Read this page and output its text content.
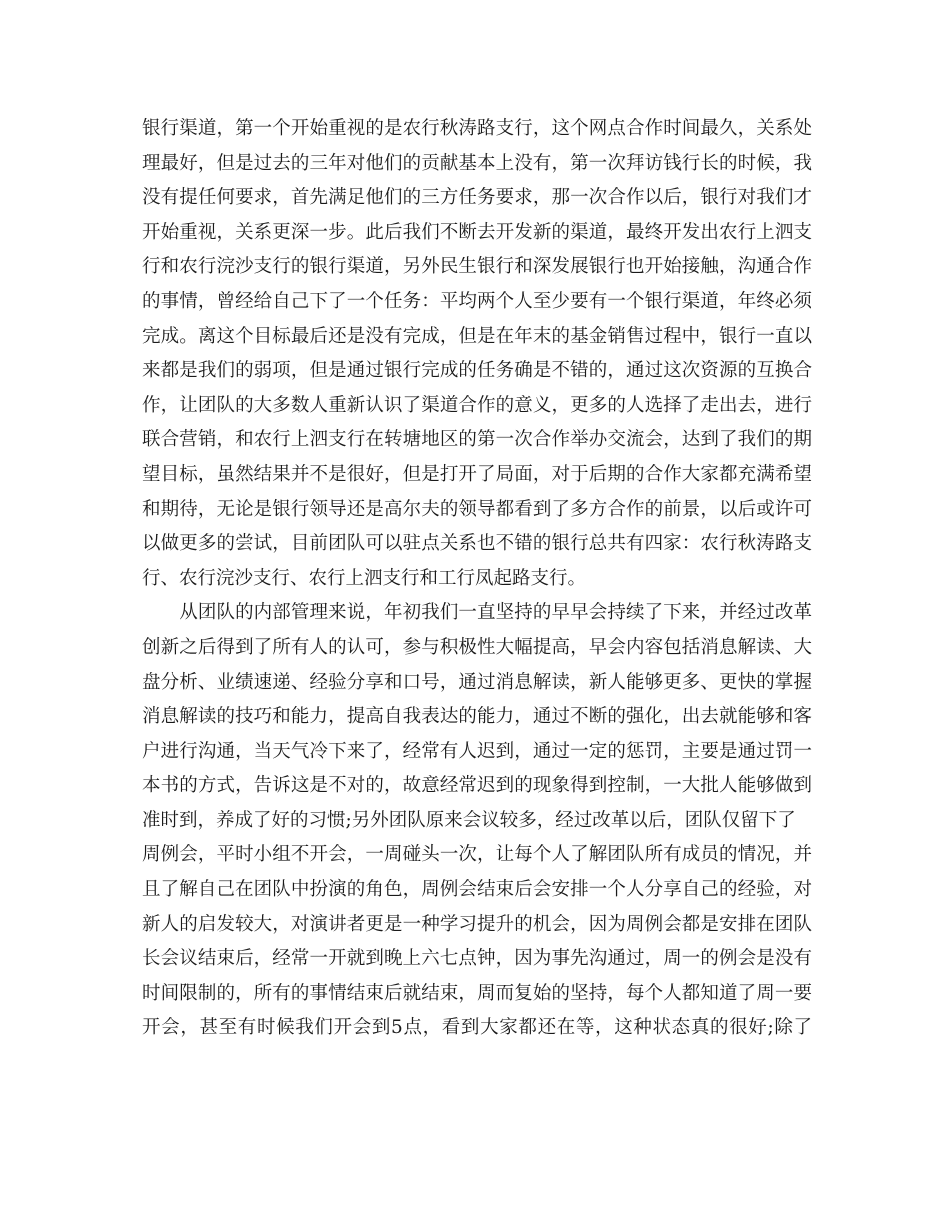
银行渠道，第一个开始重视的是农行秋涛路支行，这个网点合作时间最久，关系处
理最好，但是过去的三年对他们的贡献基本上没有，第一次拜访钱行长的时候，我
没有提任何要求，首先满足他们的三方任务要求，那一次合作以后，银行对我们才
开始重视，关系更深一步。此后我们不断去开发新的渠道，最终开发出农行上泗支
行和农行浣沙支行的银行渠道，另外民生银行和深发展银行也开始接触，沟通合作
的事情，曾经给自己下了一个任务：平均两个人至少要有一个银行渠道，年终必须
完成。离这个目标最后还是没有完成，但是在年末的基金销售过程中，银行一直以
来都是我们的弱项，但是通过银行完成的任务确是不错的，通过这次资源的互换合
作，让团队的大多数人重新认识了渠道合作的意义，更多的人选择了走出去，进行
联合营销，和农行上泗支行在转塘地区的第一次合作举办交流会，达到了我们的期
望目标，虽然结果并不是很好，但是打开了局面，对于后期的合作大家都充满希望
和期待，无论是银行领导还是高尔夫的领导都看到了多方合作的前景，以后或许可
以做更多的尝试，目前团队可以驻点关系也不错的银行总共有四家：农行秋涛路支
行、农行浣沙支行、农行上泗支行和工行凤起路支行。
　　从团队的内部管理来说，年初我们一直坚持的早早会持续了下来，并经过改革
创新之后得到了所有人的认可，参与积极性大幅提高，早会内容包括消息解读、大
盘分析、业绩速递、经验分享和口号，通过消息解读，新人能够更多、更快的掌握
消息解读的技巧和能力，提高自我表达的能力，通过不断的强化，出去就能够和客
户进行沟通，当天气冷下来了，经常有人迟到，通过一定的惩罚，主要是通过罚一
本书的方式，告诉这是不对的，故意经常迟到的现象得到控制，一大批人能够做到
准时到，养成了好的习惯;另外团队原来会议较多，经过改革以后，团队仅留下了
周例会，平时小组不开会，一周碰头一次，让每个人了解团队所有成员的情况，并
且了解自己在团队中扮演的角色，周例会结束后会安排一个人分享自己的经验，对
新人的启发较大，对演讲者更是一种学习提升的机会，因为周例会都是安排在团队
长会议结束后，经常一开就到晚上六七点钟，因为事先沟通过，周一的例会是没有
时间限制的，所有的事情结束后就结束，周而复始的坚持，每个人都知道了周一要
开会，甚至有时候我们开会到5点，看到大家都还在等，这种状态真的很好;除了
